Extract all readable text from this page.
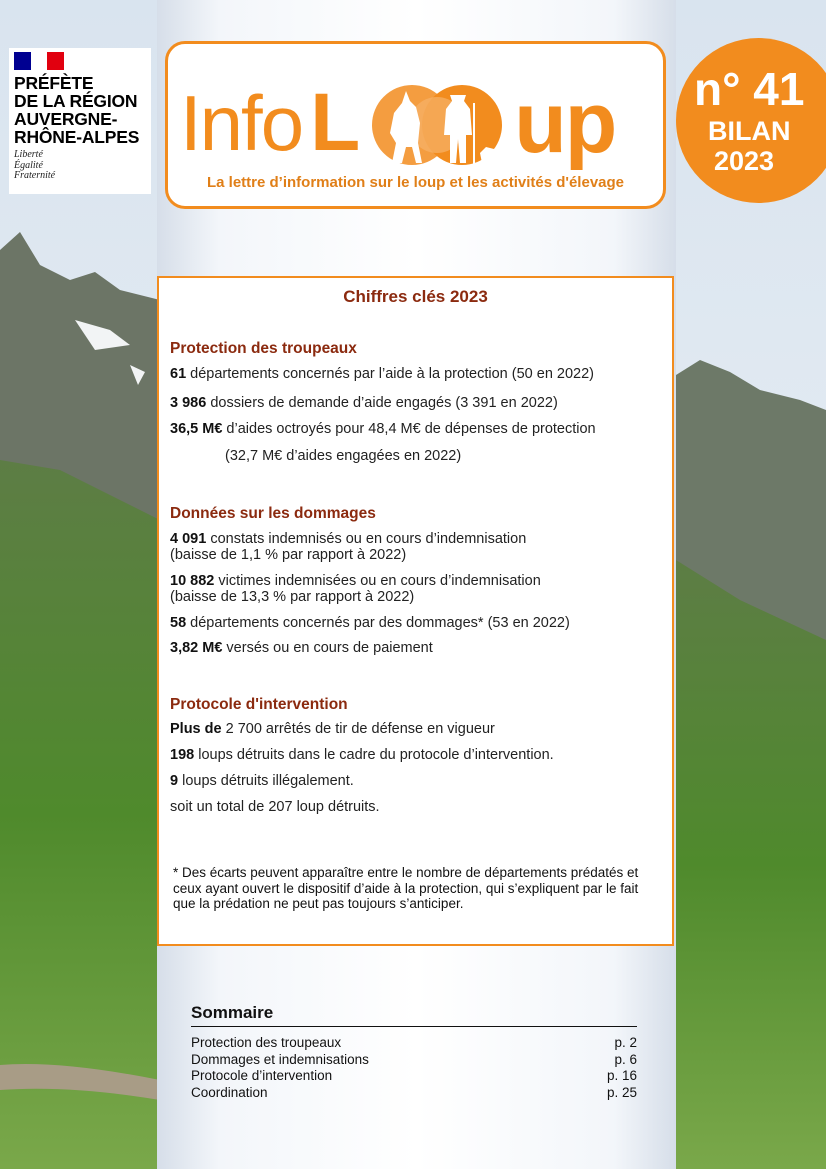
PRÉFÈTE
DE LA RÉGION
AUVERGNE-
RHÔNE-ALPES
Liberté
Égalité
Fraternité
Info L up
La lettre d’information sur le loup et les activités d'élevage
n° 41
BILAN
2023
Chiffres clés 2023
Protection des troupeaux
61 départements concernés par l’aide à la protection (50 en 2022)
3 986 dossiers de demande d’aide engagés (3 391 en 2022)
36,5 M€ d’aides octroyés pour 48,4 M€ de dépenses de protection
(32,7 M€ d’aides engagées en 2022)
Données sur les dommages
4 091 constats indemnisés ou en cours d’indemnisation
(baisse de 1,1 % par rapport à 2022)
10 882 victimes indemnisées ou en cours d’indemnisation
(baisse de 13,3 % par rapport à 2022)
58 départements concernés par des dommages* (53 en 2022)
3,82 M€ versés ou en cours de paiement
Protocole d'intervention
Plus de 2 700 arrêtés de tir de défense en vigueur
198 loups détruits dans le cadre du protocole d’intervention.
9 loups détruits illégalement.
soit un total de 207 loup détruits.
* Des écarts peuvent apparaître entre le nombre de départements prédatés et ceux ayant ouvert le dispositif d’aide à la protection, qui s’expliquent par le fait que la prédation ne peut pas toujours s’anticiper.
Sommaire
Protection des troupeaux	p. 2
Dommages et indemnisations	p. 6
Protocole d’intervention	p. 16
Coordination	p. 25
